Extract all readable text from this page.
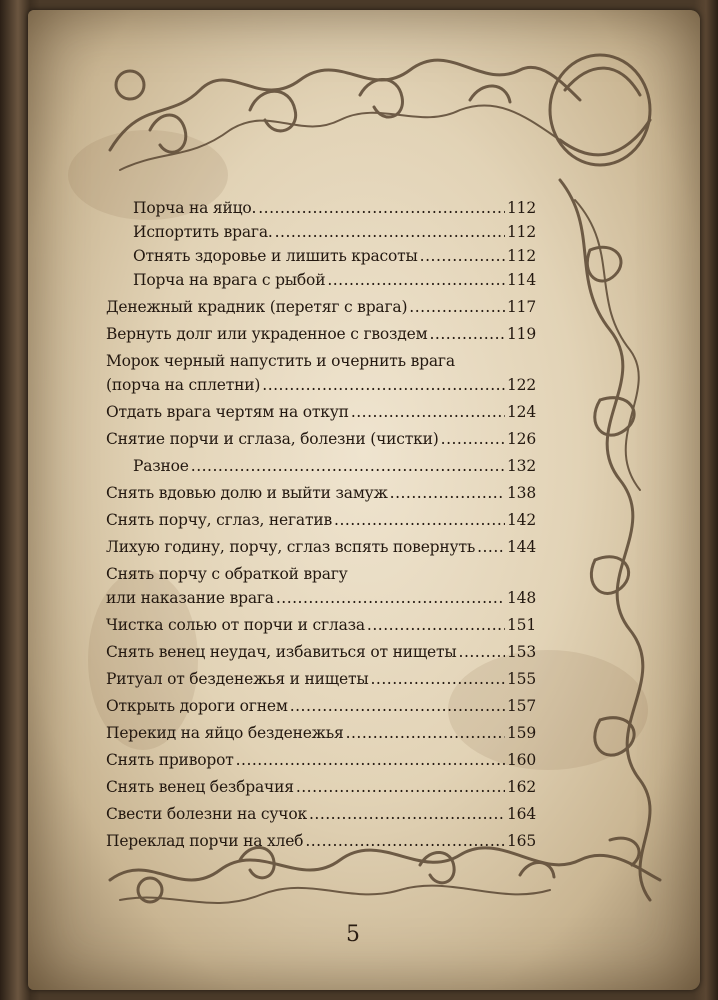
Порча на яйцо. .....	112
Испортить врага. .....	112
Отнять здоровье и лишить красоты .....	112
Порча на врага с рыбой .....	114
Денежный крадник (перетяг с врага) .....	117
Вернуть долг или украденное с гвоздем .....	119
Морок черный напустить и очернить врага
(порча на сплетни) .....	122
Отдать врага чертям на откуп .....	124
Снятие порчи и сглаза, болезни (чистки) .....	126
Разное .....	132
Снять вдовью долю и выйти замуж .....	138
Снять порчу, сглаз, негатив .....	142
Лихую годину, порчу, сглаз вспять повернуть ..... 144
Снять порчу с обраткой врагу
или наказание врага .....	148
Чистка солью от порчи и сглаза .....	151
Снять венец неудач, избавиться от нищеты .....	153
Ритуал от безденежья и нищеты .....	155
Открыть дороги огнем .....	157
Перекид на яйцо безденежья .....	159
Снять приворот .....	160
Снять венец безбрачия .....	162
Свести болезни на сучок .....	164
Переклад порчи на хлеб .....	165
5
